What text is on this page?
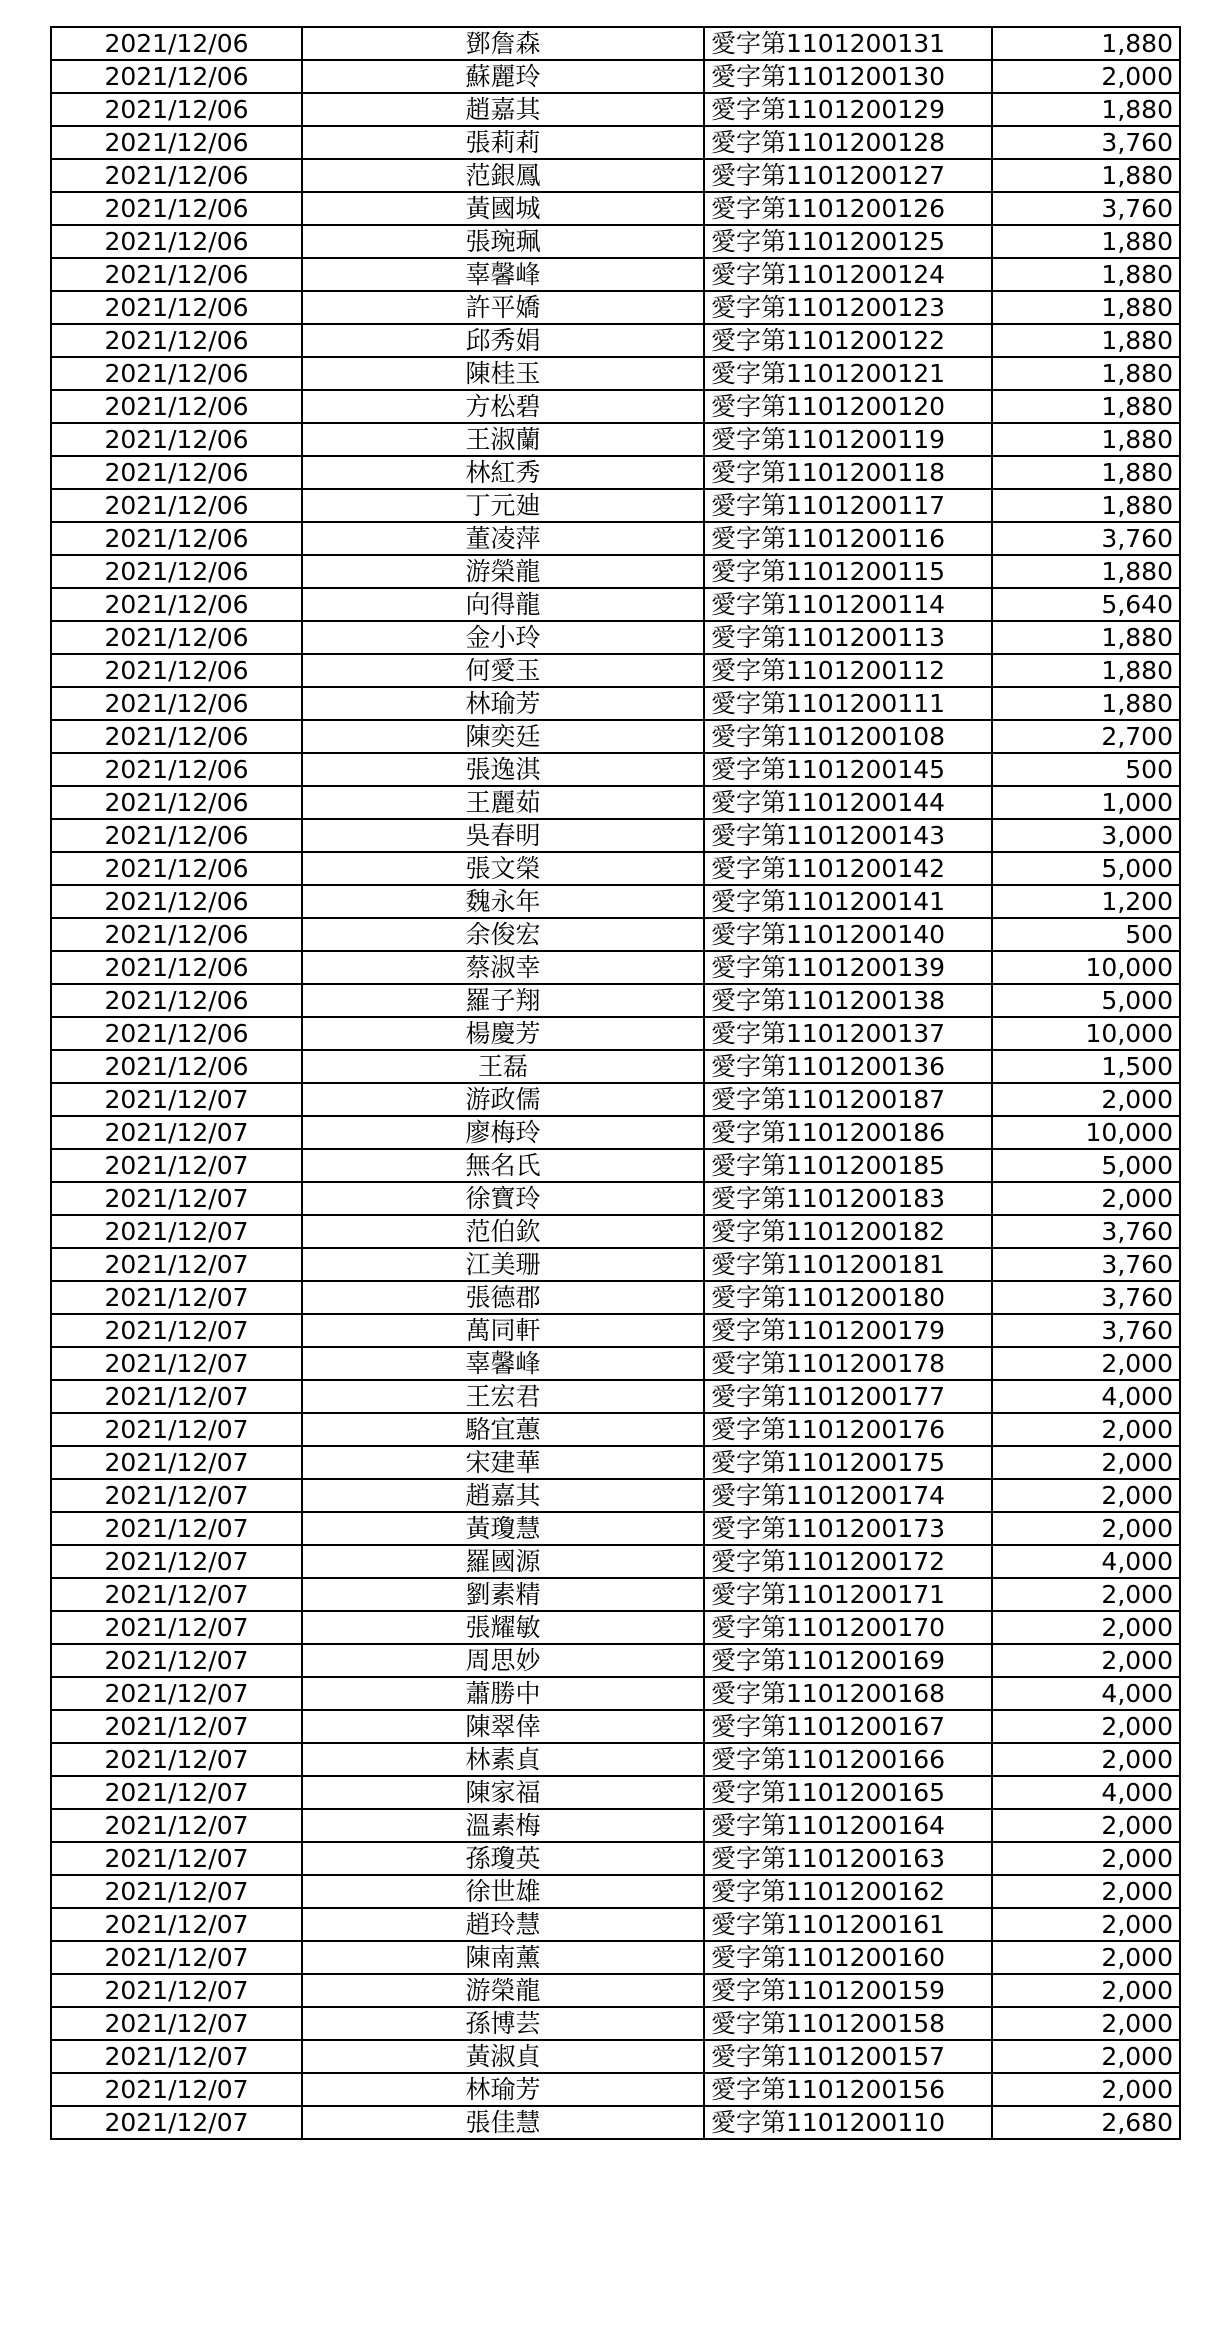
2021/12/06	鄧詹森	愛字第1101200131	1,880
2021/12/06	蘇麗玲	愛字第1101200130	2,000
2021/12/06	趙嘉其	愛字第1101200129	1,880
2021/12/06	張莉莉	愛字第1101200128	3,760
2021/12/06	范銀鳳	愛字第1101200127	1,880
2021/12/06	黃國城	愛字第1101200126	3,760
2021/12/06	張琬珮	愛字第1101200125	1,880
2021/12/06	辜馨峰	愛字第1101200124	1,880
2021/12/06	許平嬌	愛字第1101200123	1,880
2021/12/06	邱秀娟	愛字第1101200122	1,880
2021/12/06	陳桂玉	愛字第1101200121	1,880
2021/12/06	方松碧	愛字第1101200120	1,880
2021/12/06	王淑蘭	愛字第1101200119	1,880
2021/12/06	林紅秀	愛字第1101200118	1,880
2021/12/06	丁元廸	愛字第1101200117	1,880
2021/12/06	董凌萍	愛字第1101200116	3,760
2021/12/06	游榮龍	愛字第1101200115	1,880
2021/12/06	向得龍	愛字第1101200114	5,640
2021/12/06	金小玲	愛字第1101200113	1,880
2021/12/06	何愛玉	愛字第1101200112	1,880
2021/12/06	林瑜芳	愛字第1101200111	1,880
2021/12/06	陳奕廷	愛字第1101200108	2,700
2021/12/06	張逸淇	愛字第1101200145	500
2021/12/06	王麗茹	愛字第1101200144	1,000
2021/12/06	吳春明	愛字第1101200143	3,000
2021/12/06	張文榮	愛字第1101200142	5,000
2021/12/06	魏永年	愛字第1101200141	1,200
2021/12/06	余俊宏	愛字第1101200140	500
2021/12/06	蔡淑幸	愛字第1101200139	10,000
2021/12/06	羅子翔	愛字第1101200138	5,000
2021/12/06	楊慶芳	愛字第1101200137	10,000
2021/12/06	王磊	愛字第1101200136	1,500
2021/12/07	游政儒	愛字第1101200187	2,000
2021/12/07	廖梅玲	愛字第1101200186	10,000
2021/12/07	無名氏	愛字第1101200185	5,000
2021/12/07	徐寶玲	愛字第1101200183	2,000
2021/12/07	范伯欽	愛字第1101200182	3,760
2021/12/07	江美珊	愛字第1101200181	3,760
2021/12/07	張德郡	愛字第1101200180	3,760
2021/12/07	萬同軒	愛字第1101200179	3,760
2021/12/07	辜馨峰	愛字第1101200178	2,000
2021/12/07	王宏君	愛字第1101200177	4,000
2021/12/07	駱宜蕙	愛字第1101200176	2,000
2021/12/07	宋建華	愛字第1101200175	2,000
2021/12/07	趙嘉其	愛字第1101200174	2,000
2021/12/07	黃瓊慧	愛字第1101200173	2,000
2021/12/07	羅國源	愛字第1101200172	4,000
2021/12/07	劉素精	愛字第1101200171	2,000
2021/12/07	張耀敏	愛字第1101200170	2,000
2021/12/07	周思妙	愛字第1101200169	2,000
2021/12/07	蕭勝中	愛字第1101200168	4,000
2021/12/07	陳翠倖	愛字第1101200167	2,000
2021/12/07	林素貞	愛字第1101200166	2,000
2021/12/07	陳家福	愛字第1101200165	4,000
2021/12/07	溫素梅	愛字第1101200164	2,000
2021/12/07	孫瓊英	愛字第1101200163	2,000
2021/12/07	徐世雄	愛字第1101200162	2,000
2021/12/07	趙玲慧	愛字第1101200161	2,000
2021/12/07	陳南薰	愛字第1101200160	2,000
2021/12/07	游榮龍	愛字第1101200159	2,000
2021/12/07	孫博芸	愛字第1101200158	2,000
2021/12/07	黃淑貞	愛字第1101200157	2,000
2021/12/07	林瑜芳	愛字第1101200156	2,000
2021/12/07	張佳慧	愛字第1101200110	2,680
